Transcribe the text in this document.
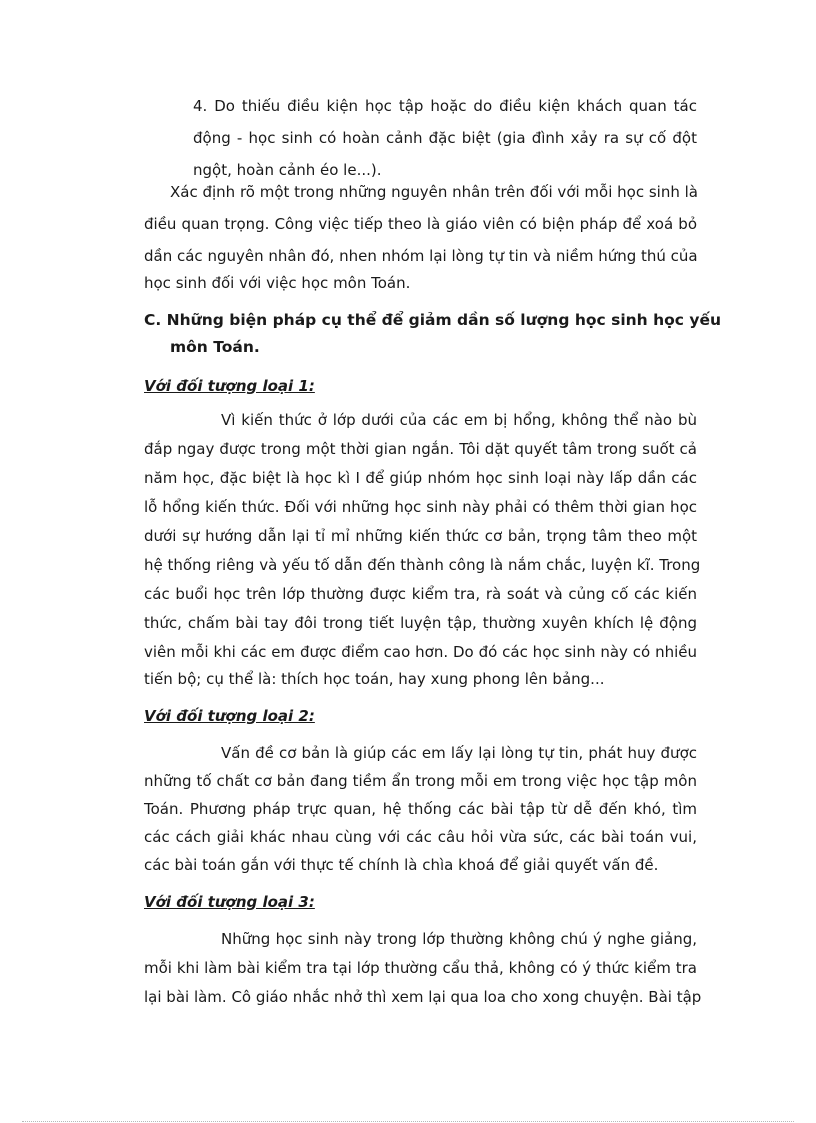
4. Do thiếu điều kiện học tập hoặc do điều kiện khách quan tác
động - học sinh có hoàn cảnh đặc biệt (gia đình xảy ra sự cố đột
ngột, hoàn cảnh éo le...).
Xác định rõ một trong những nguyên nhân trên đối với mỗi học sinh là
điều quan trọng. Công việc tiếp theo là giáo viên có biện pháp để xoá bỏ
dần các nguyên nhân đó, nhen nhóm lại lòng tự tin và niềm hứng thú của
học sinh đối với việc học môn Toán.
C. Những biện pháp cụ thể để giảm dần số lượng học sinh học yếu
môn Toán.
Với đối tượng loại 1:
Vì kiến thức ở lớp dưới của các em bị hổng, không thể nào bù
đắp ngay được trong một thời gian ngắn. Tôi dặt quyết tâm trong suốt cả
năm học, đặc biệt là học kì I để giúp nhóm học sinh loại này lấp dần các
lỗ hổng kiến thức. Đối với những học sinh này phải có thêm thời gian học
dưới sự hướng dẫn lại tỉ mỉ những kiến thức cơ bản, trọng tâm theo một
hệ thống riêng và yếu tố dẫn đến thành công là nắm chắc, luyện kĩ. Trong
các buổi học trên lớp thường được kiểm tra, rà soát và củng cố các kiến
thức, chấm bài tay đôi trong tiết luyện tập, thường xuyên khích lệ động
viên mỗi khi các em được điểm cao hơn. Do đó các học sinh này có nhiều
tiến bộ; cụ thể là: thích học toán, hay xung phong lên bảng...
Với đối tượng loại 2:
Vấn đề cơ bản là giúp các em lấy lại lòng tự tin, phát huy được
những tố chất cơ bản đang tiềm ẩn trong mỗi em trong việc học tập môn
Toán. Phương pháp trực quan, hệ thống các bài tập từ dễ đến khó, tìm
các cách giải khác nhau cùng với các câu hỏi vừa sức, các bài toán vui,
các bài toán gắn với thực tế chính là chìa khoá để giải quyết vấn đề.
Với đối tượng loại 3:
Những học sinh này trong lớp thường không chú ý nghe giảng,
mỗi khi làm bài kiểm tra tại lớp thường cẩu thả, không có ý thức kiểm tra
lại bài làm. Cô giáo nhắc nhở thì xem lại qua loa cho xong chuyện. Bài tập
